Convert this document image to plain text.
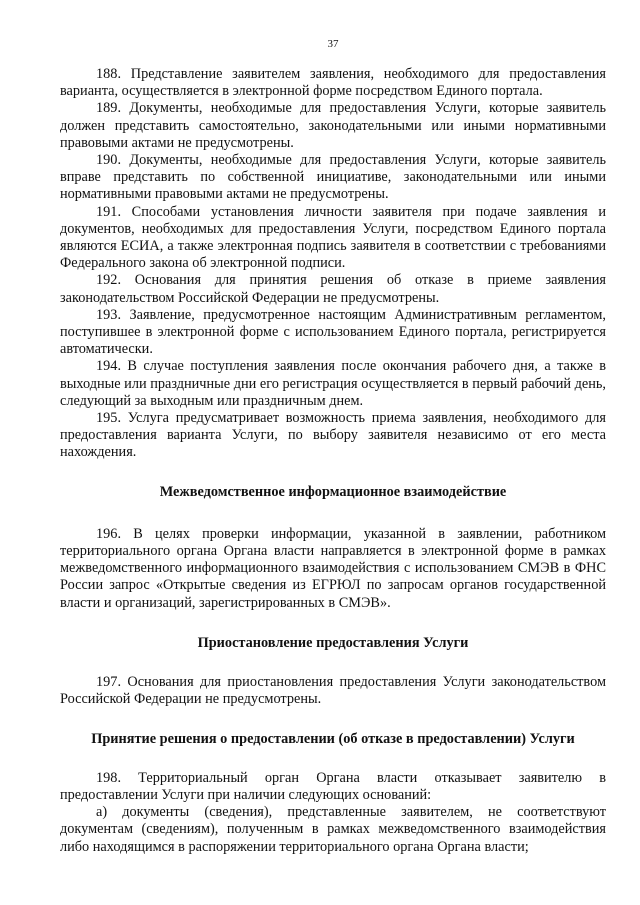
37

188. Представление заявителем заявления, необходимого для предоставления варианта, осуществляется в электронной форме посредством Единого портала.

189. Документы, необходимые для предоставления Услуги, которые заявитель должен представить самостоятельно, законодательными или иными нормативными правовыми актами не предусмотрены.

190. Документы, необходимые для предоставления Услуги, которые заявитель вправе представить по собственной инициативе, законодательными или иными нормативными правовыми актами не предусмотрены.

191. Способами установления личности заявителя при подаче заявления и документов, необходимых для предоставления Услуги, посредством Единого портала являются ЕСИА, а также электронная подпись заявителя в соответствии с требованиями Федерального закона об электронной подписи.

192. Основания для принятия решения об отказе в приеме заявления законодательством Российской Федерации не предусмотрены.

193. Заявление, предусмотренное настоящим Административным регламентом, поступившее в электронной форме с использованием Единого портала, регистрируется автоматически.

194. В случае поступления заявления после окончания рабочего дня, а также в выходные или праздничные дни его регистрация осуществляется в первый рабочий день, следующий за выходным или праздничным днем.

195. Услуга предусматривает возможность приема заявления, необходимого для предоставления варианта Услуги, по выбору заявителя независимо от его места нахождения.

Межведомственное информационное взаимодействие

196. В целях проверки информации, указанной в заявлении, работником территориального органа Органа власти направляется в электронной форме в рамках межведомственного информационного взаимодействия с использованием СМЭВ в ФНС России запрос «Открытые сведения из ЕГРЮЛ по запросам органов государственной власти и организаций, зарегистрированных в СМЭВ».

Приостановление предоставления Услуги

197. Основания для приостановления предоставления Услуги законодательством Российской Федерации не предусмотрены.

Принятие решения о предоставлении (об отказе в предоставлении) Услуги

198. Территориальный орган Органа власти отказывает заявителю в предоставлении Услуги при наличии следующих оснований:

а) документы (сведения), представленные заявителем, не соответствуют документам (сведениям), полученным в рамках межведомственного взаимодействия либо находящимся в распоряжении территориального органа Органа власти;
